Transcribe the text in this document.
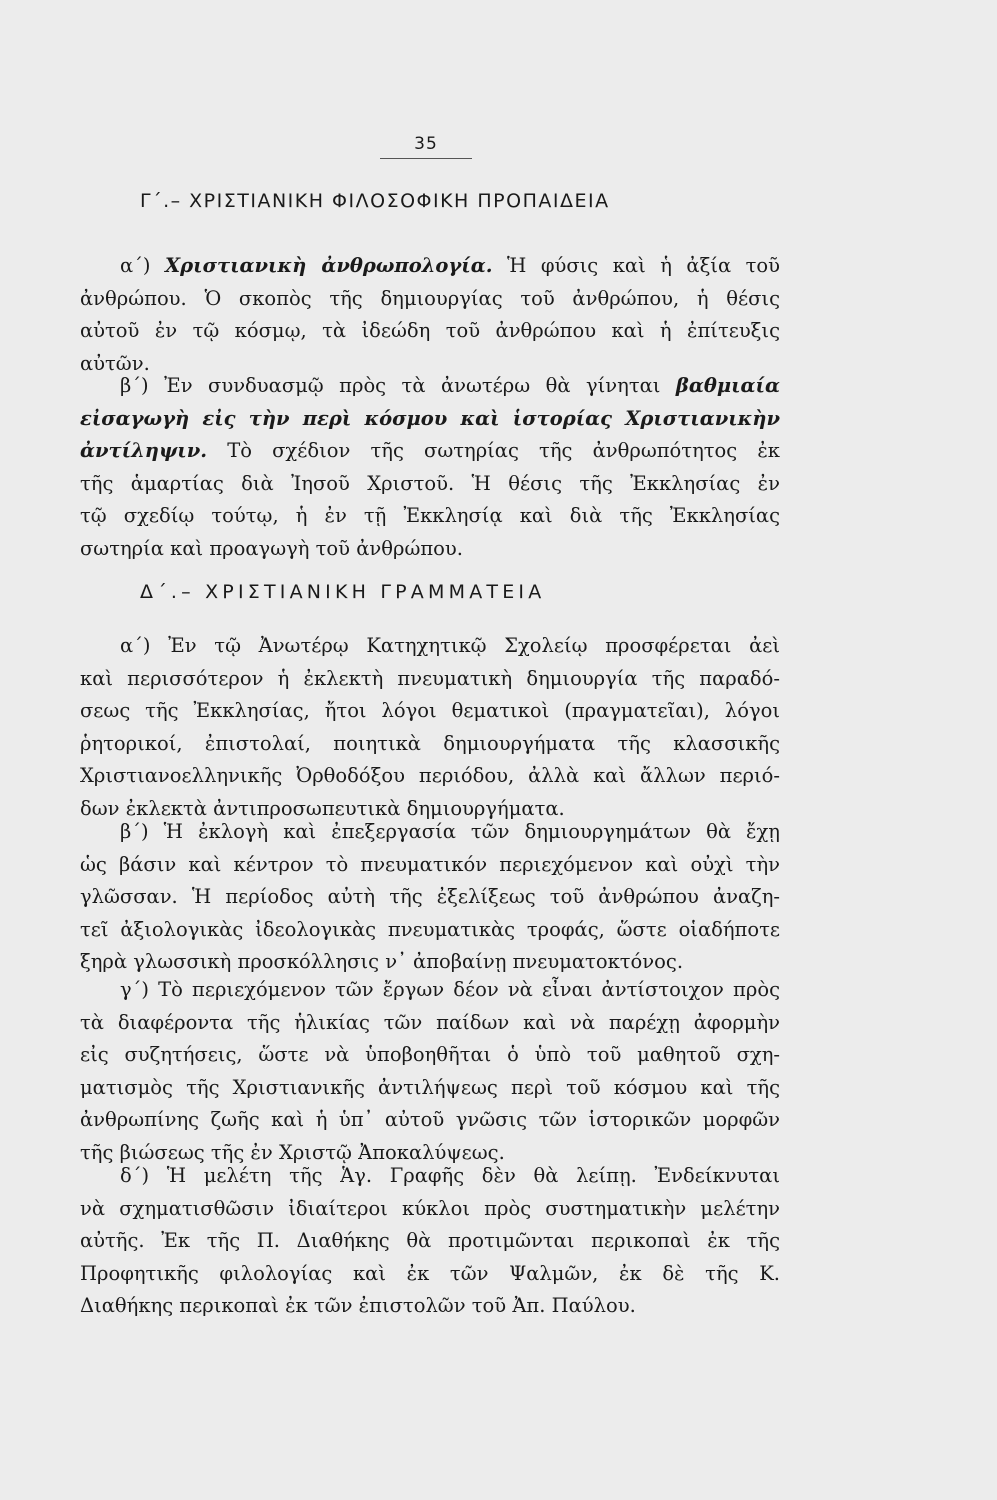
35
Γ΄.– ΧΡΙΣΤΙΑΝΙΚΗ ΦΙΛΟΣΟΦΙΚΗ ΠΡΟΠΑΙΔΕΙΑ
α΄) Χριστιανικὴ ἀνθρωπολογία. Ἡ φύσις καὶ ἡ ἀξία τοῦ
ἀνθρώπου. Ὁ σκοπὸς τῆς δημιουργίας τοῦ ἀνθρώπου, ἡ θέσις
αὐτοῦ ἐν τῷ κόσμῳ, τὰ ἰδεώδη τοῦ ἀνθρώπου καὶ ἡ ἐπίτευξις
αὐτῶν.
β΄) Ἐν συνδυασμῷ πρὸς τὰ ἀνωτέρω θὰ γίνηται βαθμιαία
εἰσαγωγὴ εἰς τὴν περὶ κόσμου καὶ ἱστορίας Χριστιανικὴν
ἀντίληψιν. Τὸ σχέδιον τῆς σωτηρίας τῆς ἀνθρωπότητος ἐκ
τῆς ἁμαρτίας διὰ Ἰησοῦ Χριστοῦ. Ἡ θέσις τῆς Ἐκκλησίας ἐν
τῷ σχεδίῳ τούτῳ, ἡ ἐν τῇ Ἐκκλησίᾳ καὶ διὰ τῆς Ἐκκλησίας
σωτηρία καὶ προαγωγὴ τοῦ ἀνθρώπου.
Δ΄.– ΧΡΙΣΤΙΑΝΙΚΗ ΓΡΑΜΜΑΤΕΙΑ
α΄) Ἐν τῷ Ἀνωτέρῳ Κατηχητικῷ Σχολείῳ προσφέρεται ἀεὶ
καὶ περισσότερον ἡ ἐκλεκτὴ πνευματικὴ δημιουργία τῆς παραδό-
σεως τῆς Ἐκκλησίας, ἤτοι λόγοι θεματικοὶ (πραγματεῖαι), λόγοι
ῥητορικοί, ἐπιστολαί, ποιητικὰ δημιουργήματα τῆς κλασσικῆς
Χριστιανοελληνικῆς Ὀρθοδόξου περιόδου, ἀλλὰ καὶ ἄλλων περιό-
δων ἐκλεκτὰ ἀντιπροσωπευτικὰ δημιουργήματα.
β΄) Ἡ ἐκλογὴ καὶ ἐπεξεργασία τῶν δημιουργημάτων θὰ ἔχῃ
ὡς βάσιν καὶ κέντρον τὸ πνευματικόν περιεχόμενον καὶ οὐχὶ τὴν
γλῶσσαν. Ἡ περίοδος αὐτὴ τῆς ἐξελίξεως τοῦ ἀνθρώπου ἀναζη-
τεῖ ἀξιολογικὰς ἰδεολογικὰς πνευματικὰς τροφάς, ὥστε οἱαδήποτε
ξηρὰ γλωσσικὴ προσκόλλησις ν᾿ ἀποβαίνῃ πνευματοκτόνος.
γ΄) Τὸ περιεχόμενον τῶν ἔργων δέον νὰ εἶναι ἀντίστοιχον πρὸς
τὰ διαφέροντα τῆς ἡλικίας τῶν παίδων καὶ νὰ παρέχῃ ἀφορμὴν
εἰς συζητήσεις, ὥστε νὰ ὑποβοηθῆται ὁ ὑπὸ τοῦ μαθητοῦ σχη-
ματισμὸς τῆς Χριστιανικῆς ἀντιλήψεως περὶ τοῦ κόσμου καὶ τῆς
ἀνθρωπίνης ζωῆς καὶ ἡ ὑπ᾿ αὐτοῦ γνῶσις τῶν ἱστορικῶν μορφῶν
τῆς βιώσεως τῆς ἐν Χριστῷ Ἀποκαλύψεως.
δ΄) Ἡ μελέτη τῆς Ἁγ. Γραφῆς δὲν θὰ λείπῃ. Ἐνδείκνυται
νὰ σχηματισθῶσιν ἰδιαίτεροι κύκλοι πρὸς συστηματικὴν μελέτην
αὐτῆς. Ἐκ τῆς Π. Διαθήκης θὰ προτιμῶνται περικοπαὶ ἐκ τῆς
Προφητικῆς φιλολογίας καὶ ἐκ τῶν Ψαλμῶν, ἐκ δὲ τῆς Κ.
Διαθήκης περικοπαὶ ἐκ τῶν ἐπιστολῶν τοῦ Ἀπ. Παύλου.
